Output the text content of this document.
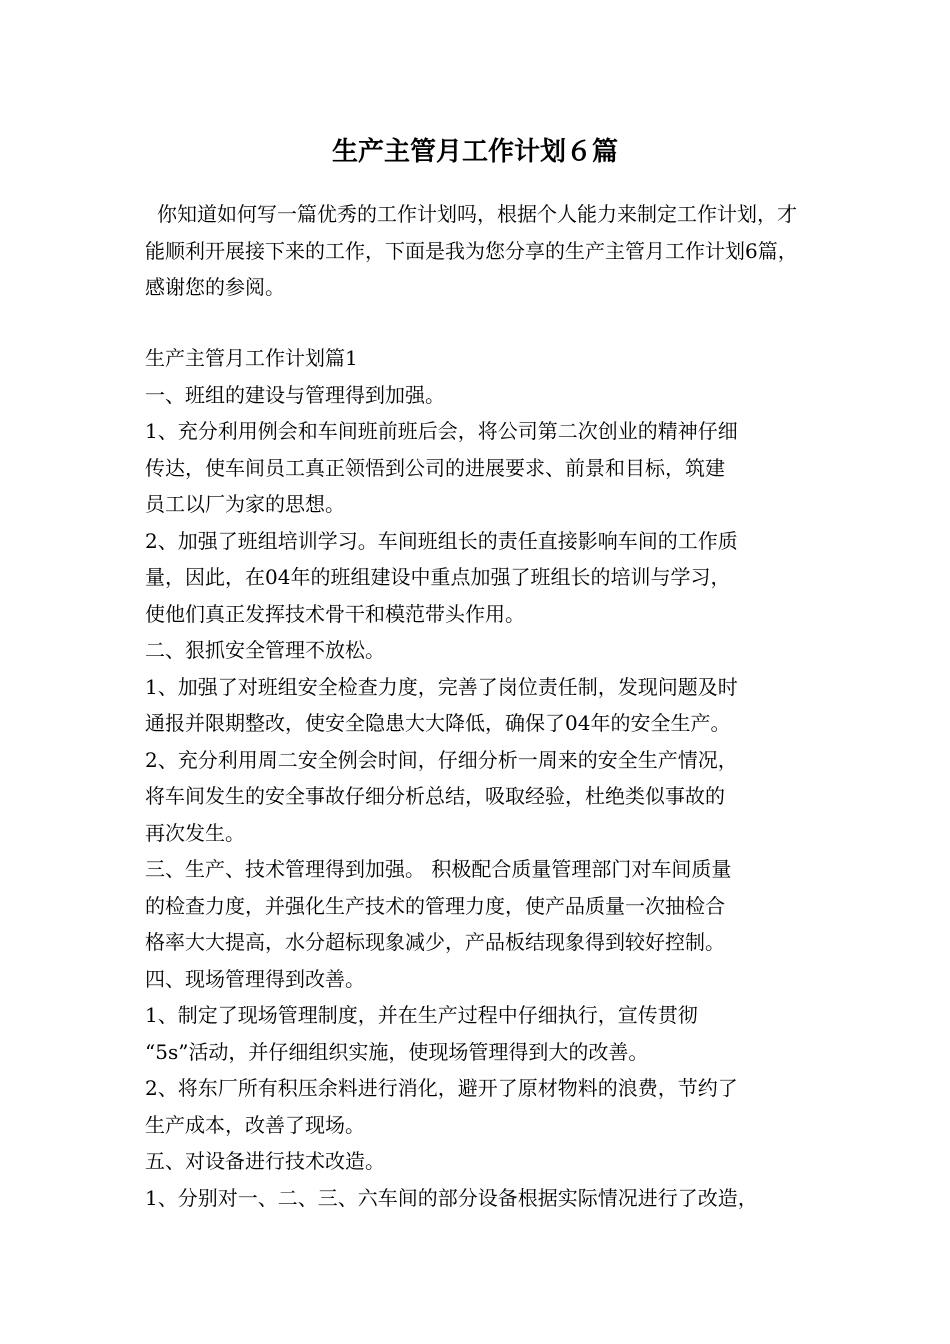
生产主管月工作计划６篇

你知道如何写一篇优秀的工作计划吗，根据个人能力来制定工作计划，才能顺利开展接下来的工作，下面是我为您分享的生产主管月工作计划6篇，感谢您的参阅。

生产主管月工作计划篇1
一、班组的建设与管理得到加强。
1、充分利用例会和车间班前班后会，将公司第二次创业的精神仔细
传达，使车间员工真正领悟到公司的进展要求、前景和目标，筑建
员工以厂为家的思想。
2、加强了班组培训学习。车间班组长的责任直接影响车间的工作质
量，因此，在04年的班组建设中重点加强了班组长的培训与学习，
使他们真正发挥技术骨干和模范带头作用。
二、狠抓安全管理不放松。
1、加强了对班组安全检查力度，完善了岗位责任制，发现问题及时
通报并限期整改，使安全隐患大大降低，确保了04年的安全生产。
2、充分利用周二安全例会时间，仔细分析一周来的安全生产情况，
将车间发生的安全事故仔细分析总结，吸取经验，杜绝类似事故的
再次发生。
三、生产、技术管理得到加强。 积极配合质量管理部门对车间质量
的检查力度，并强化生产技术的管理力度，使产品质量一次抽检合
格率大大提高，水分超标现象减少，产品板结现象得到较好控制。
四、现场管理得到改善。
1、制定了现场管理制度，并在生产过程中仔细执行，宣传贯彻
“5s”活动，并仔细组织实施，使现场管理得到大的改善。
2、将东厂所有积压余料进行消化，避开了原材物料的浪费，节约了
生产成本，改善了现场。
五、对设备进行技术改造。
1、分别对一、二、三、六车间的部分设备根据实际情况进行了改造，
